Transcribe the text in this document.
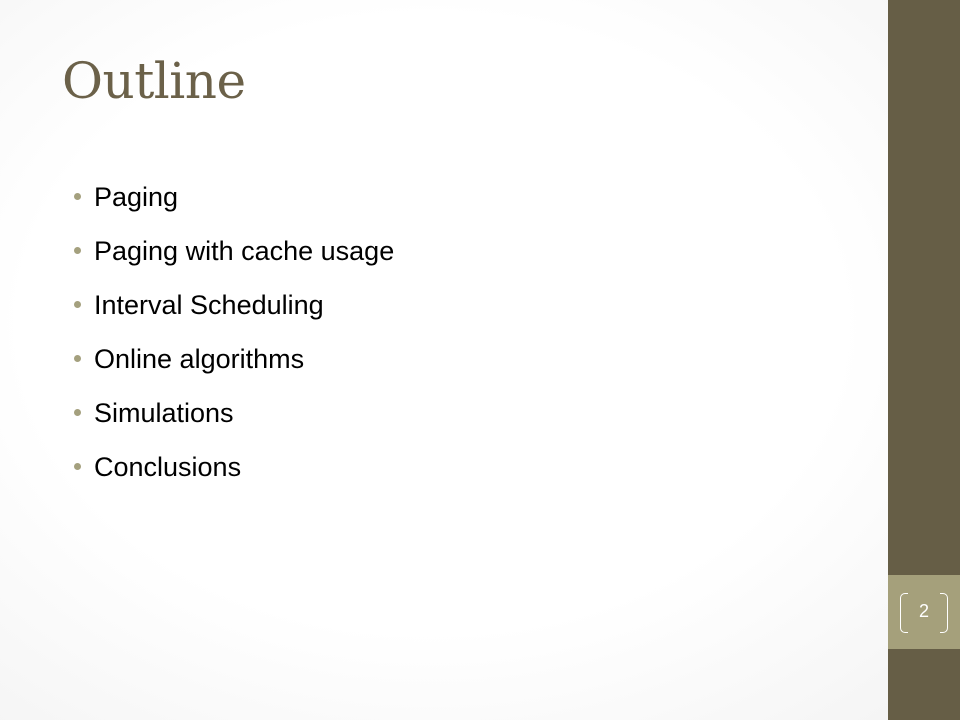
Outline
Paging
Paging with cache usage
Interval Scheduling
Online algorithms
Simulations
Conclusions
2
